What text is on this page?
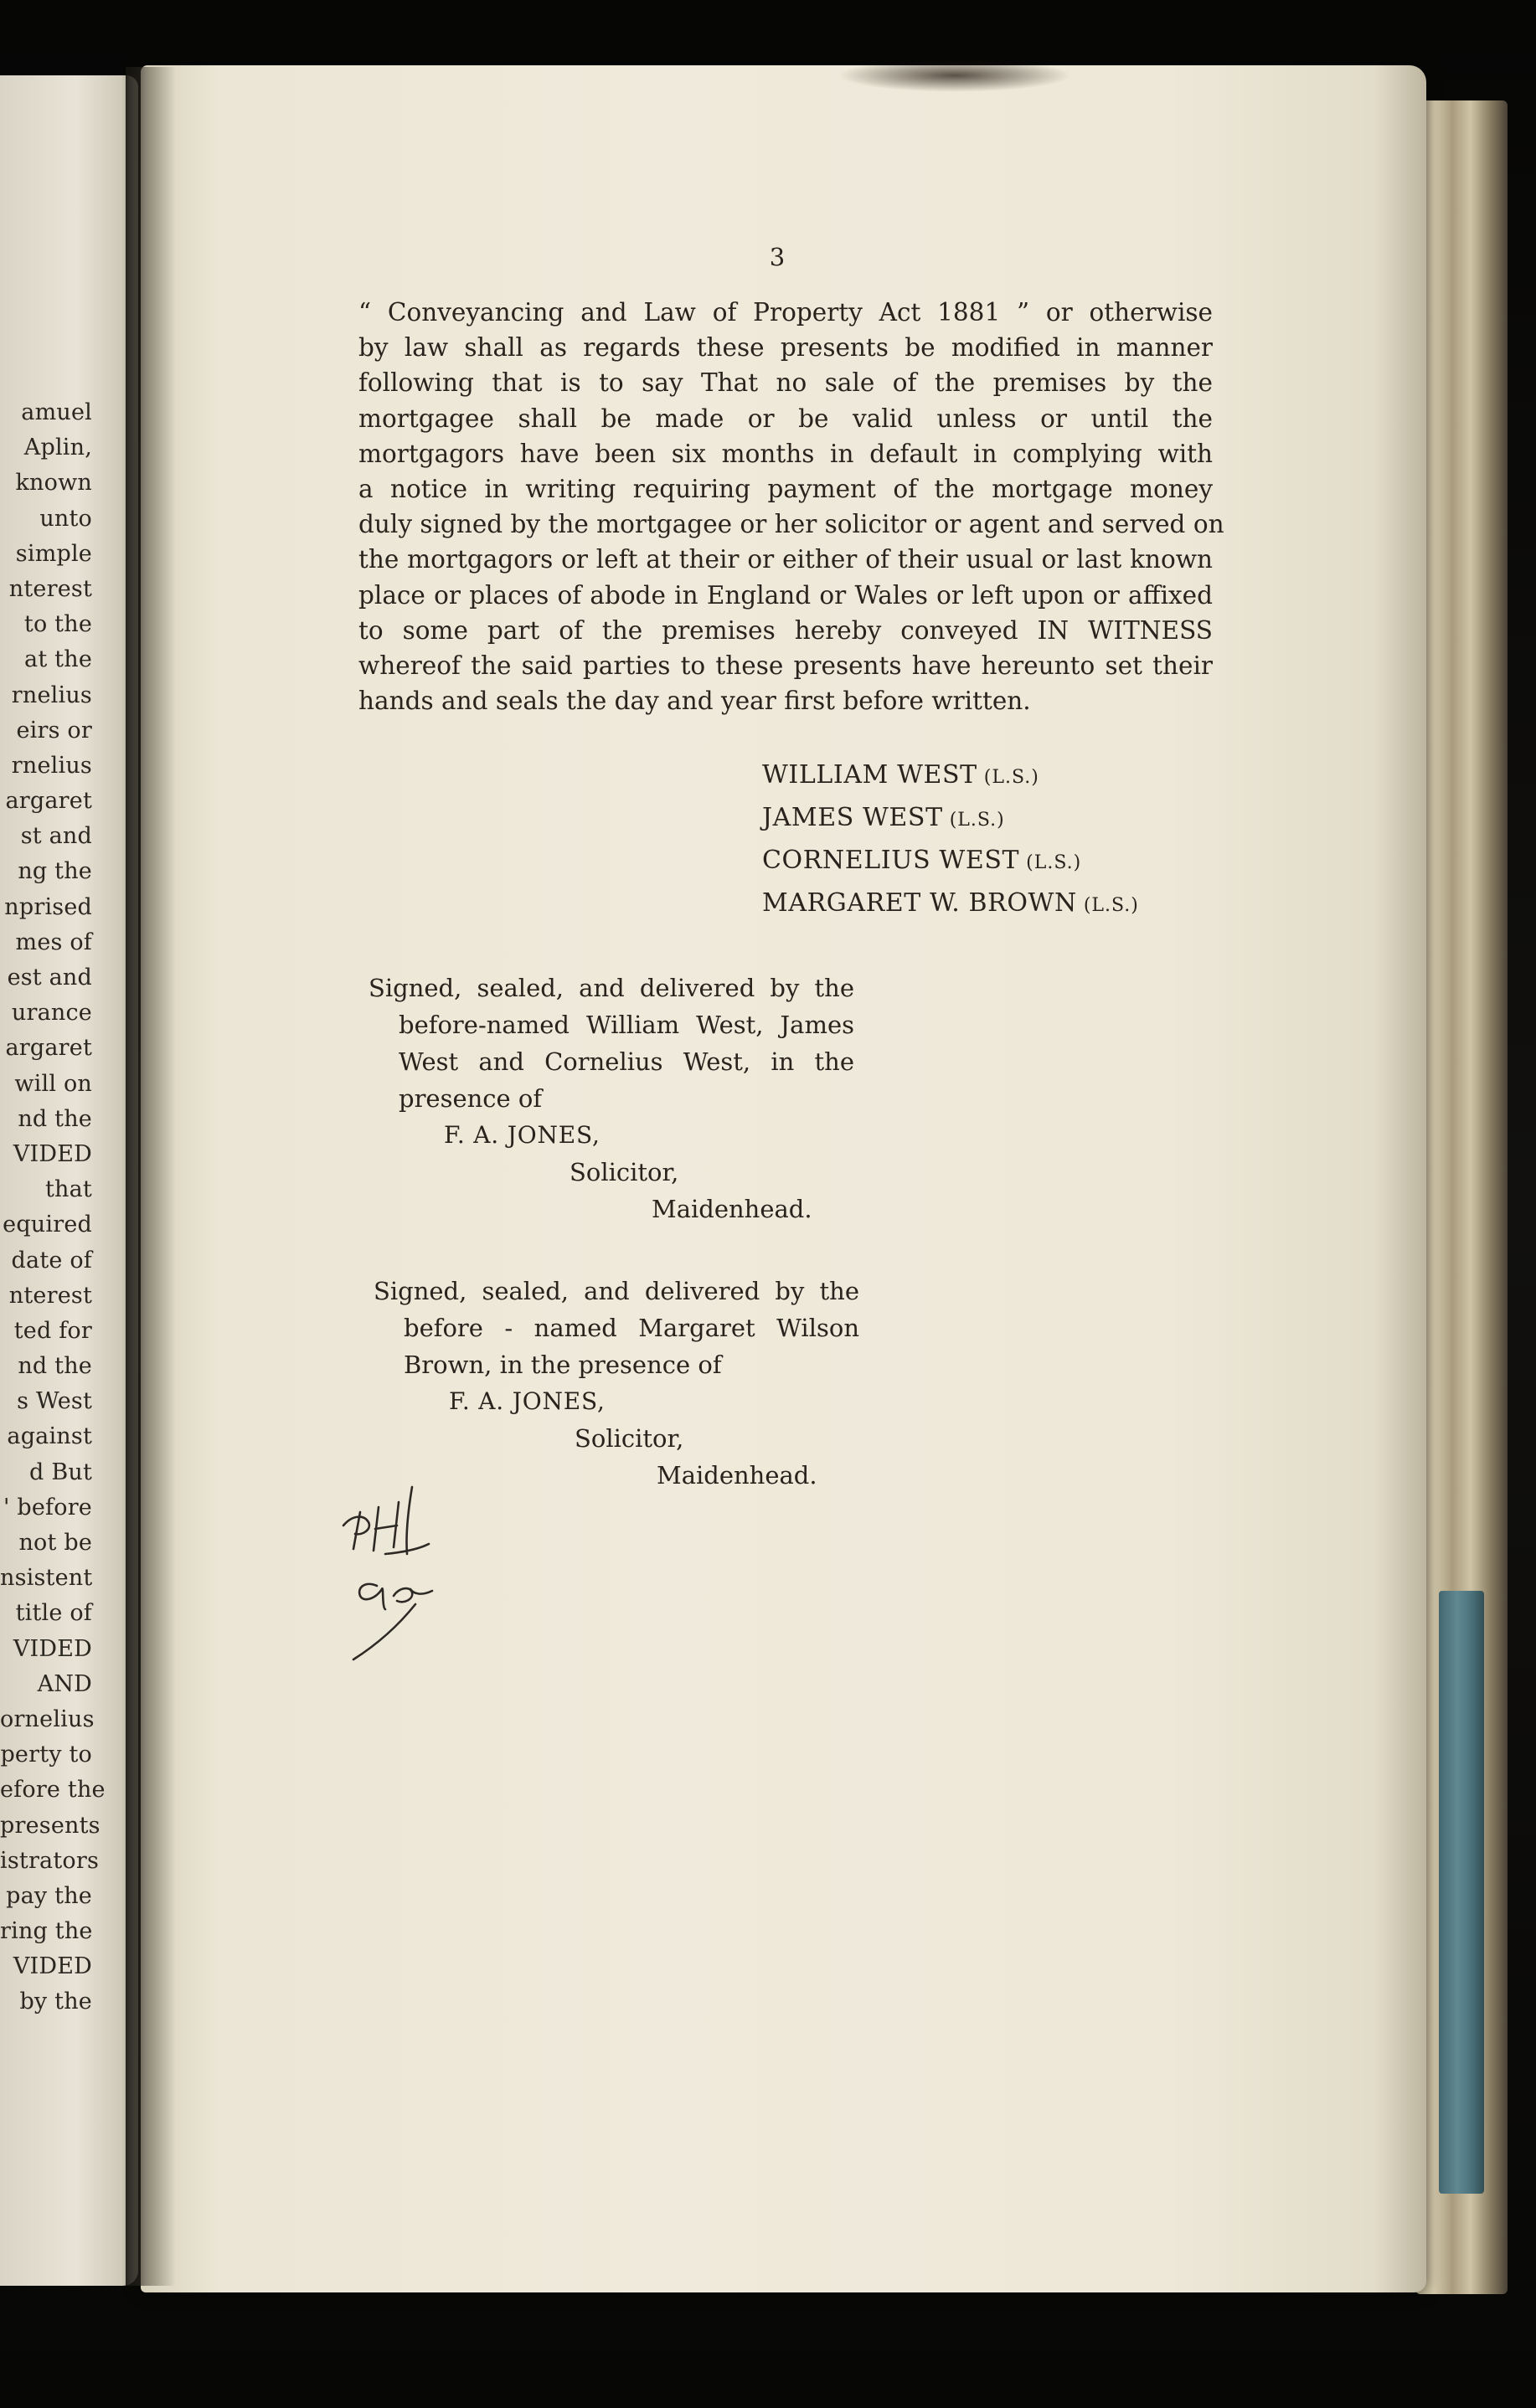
amuel
Aplin,
known
unto
simple
nterest
to the
at the
rnelius
eirs or
rnelius
argaret
st and
ng the
nprised
mes of
est and
urance
argaret
will on
nd the
VIDED
that
equired
date of
nterest
ted for
nd the
s West
against
d But
' before
not be
nsistent
title of
VIDED
AND
ornelius
perty to
efore the
presents
istrators
pay the
ring the
VIDED
by the
3
“ Conveyancing and Law of Property Act 1881 ” or otherwise
by law shall as regards these presents be modified in manner
following that is to say That no sale of the premises by the
mortgagee shall be made or be valid unless or until the
mortgagors have been six months in default in complying with
a notice in writing requiring payment of the mortgage money
duly signed by the mortgagee or her solicitor or agent and served on
the mortgagors or left at their or either of their usual or last known
place or places of abode in England or Wales or left upon or affixed
to some part of the premises hereby conveyed IN WITNESS
whereof the said parties to these presents have hereunto set their
hands and seals the day and year first before written.
WILLIAM WEST (L.S.)
JAMES WEST (L.S.)
CORNELIUS WEST (L.S.)
MARGARET W. BROWN (L.S.)
Signed, sealed, and delivered by the
before-named William West, James
West and Cornelius West, in the
presence of
F. A. JONES,
Solicitor,
Maidenhead.
Signed, sealed, and delivered by the
before - named Margaret Wilson
Brown, in the presence of
F. A. JONES,
Solicitor,
Maidenhead.
